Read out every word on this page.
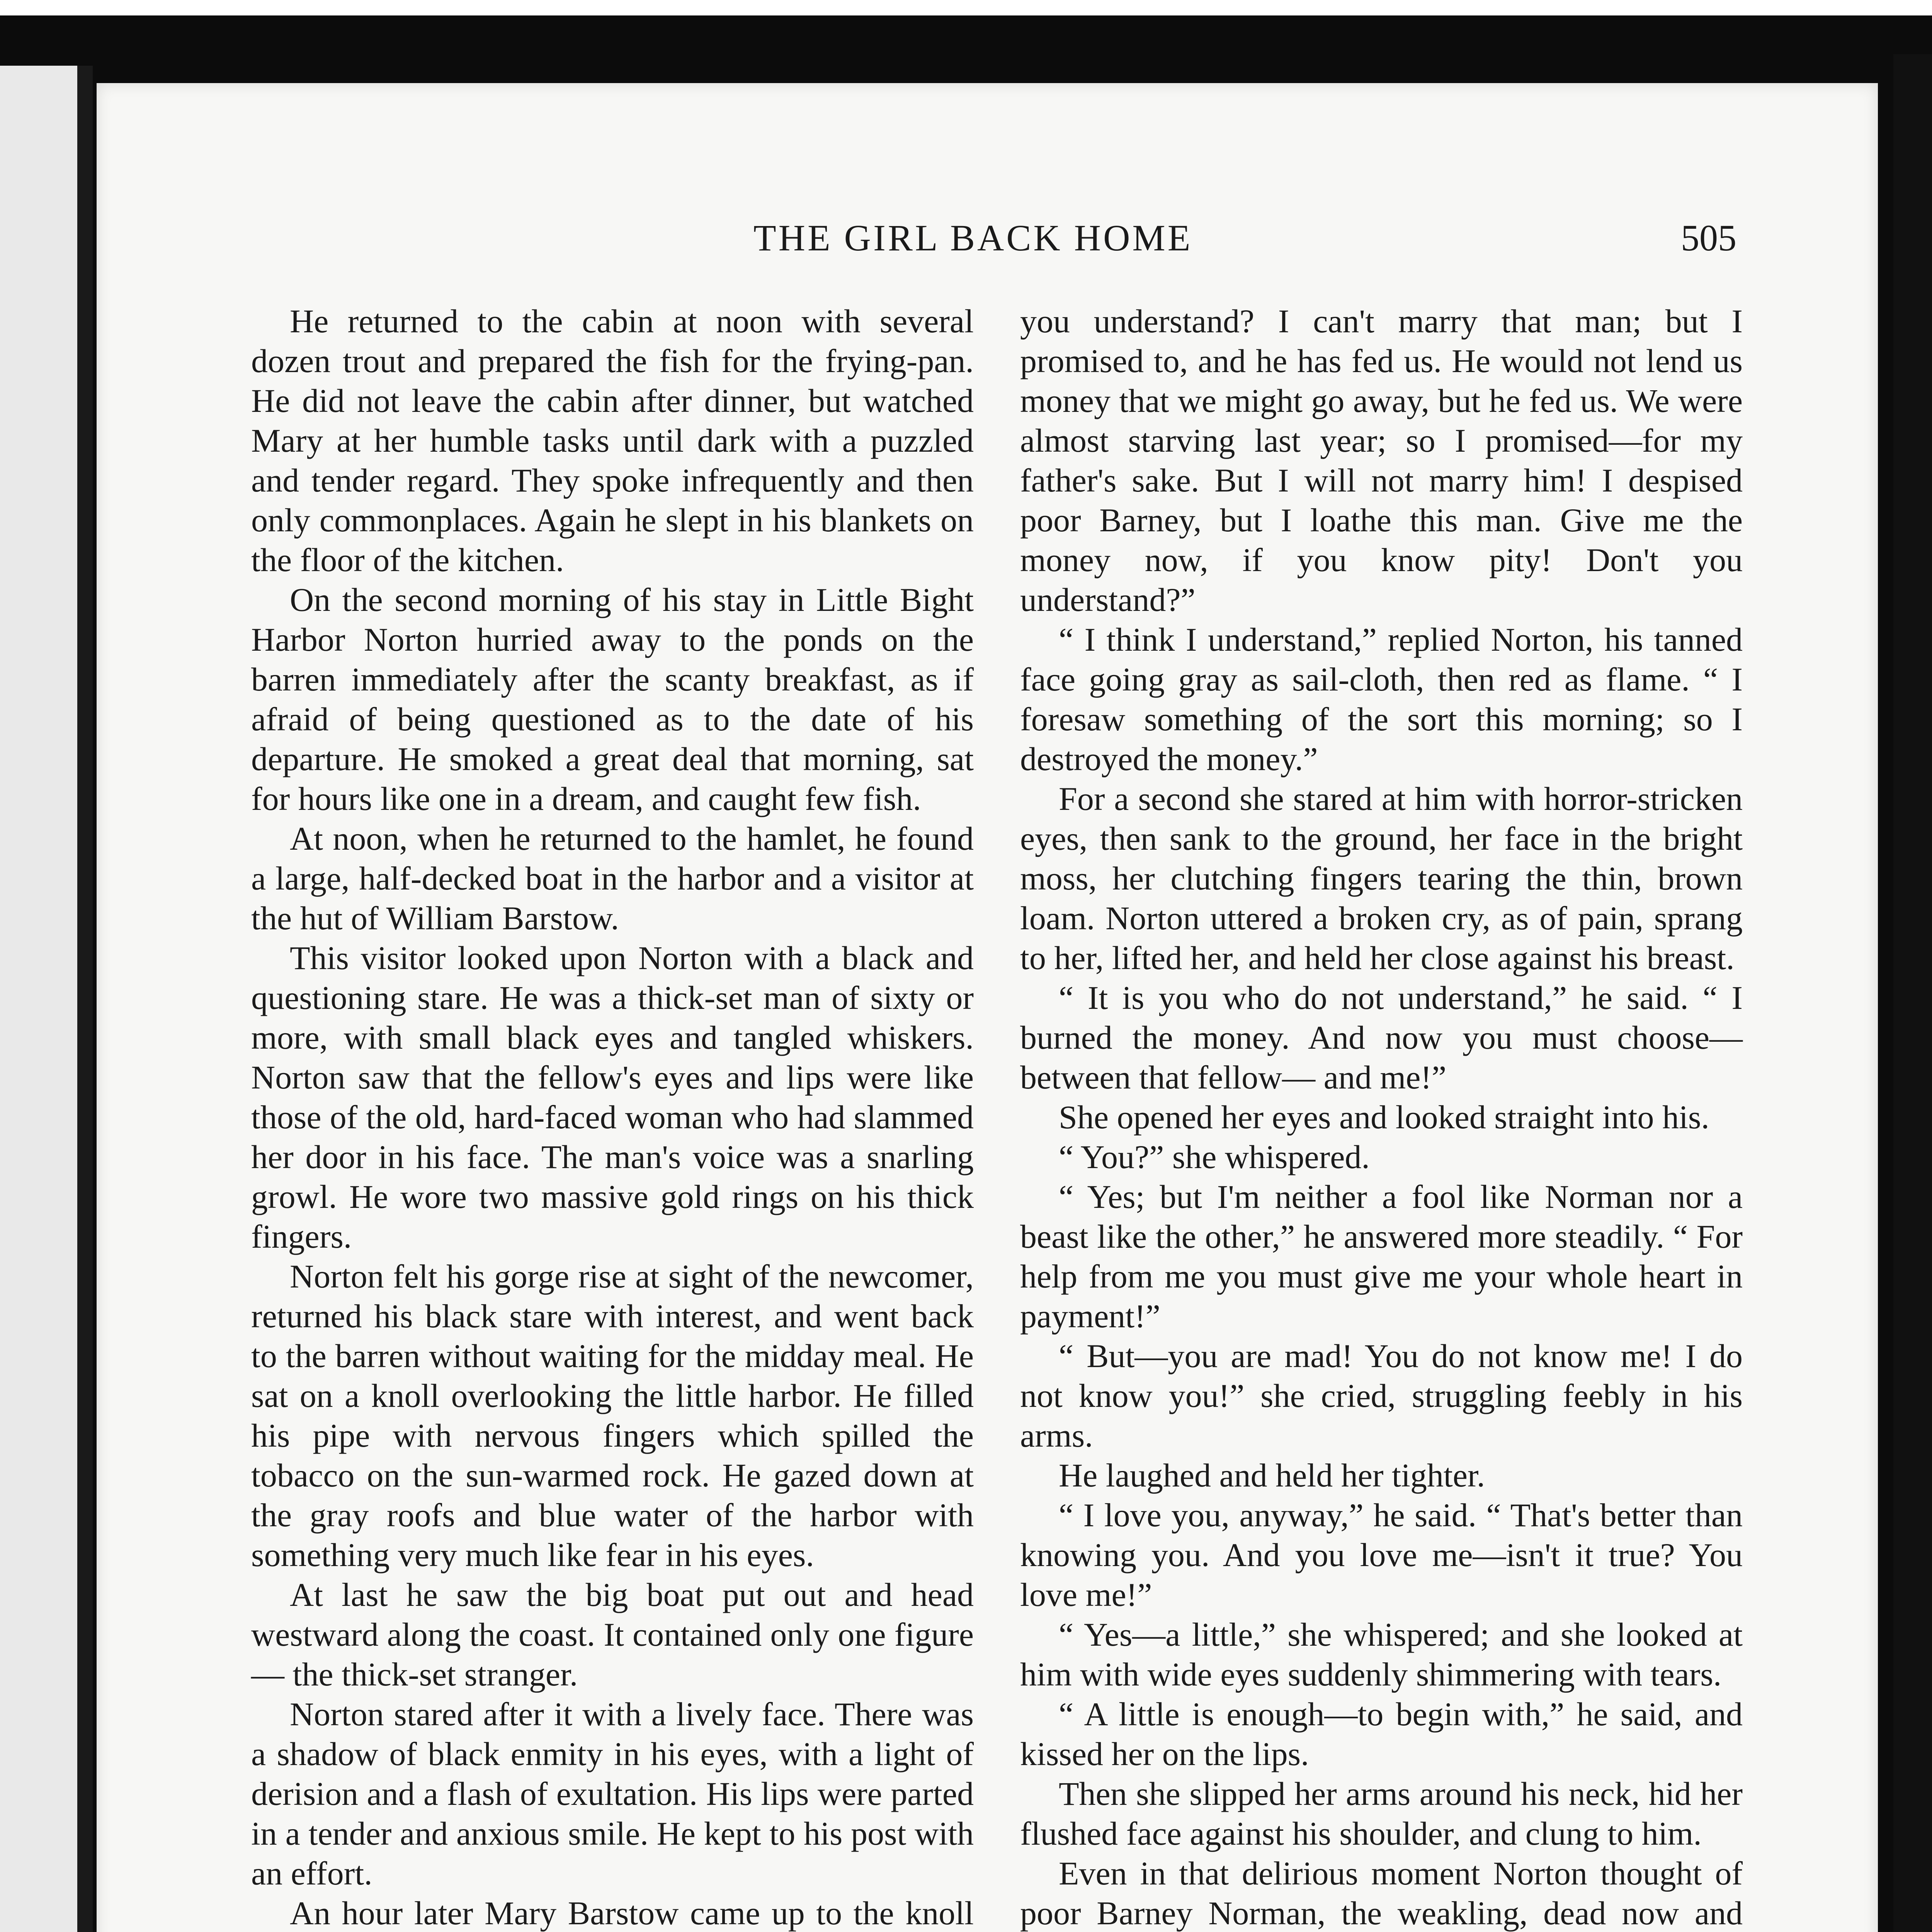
THE GIRL BACK HOME	505

He returned to the cabin at noon with several dozen trout and prepared the fish for the frying-pan. He did not leave the cabin after dinner, but watched Mary at her humble tasks until dark with a puzzled and tender regard. They spoke infrequently and then only commonplaces. Again he slept in his blankets on the floor of the kitchen.

On the second morning of his stay in Little Bight Harbor Norton hurried away to the ponds on the barren immediately after the scanty breakfast, as if afraid of being questioned as to the date of his departure. He smoked a great deal that morning, sat for hours like one in a dream, and caught few fish.

At noon, when he returned to the hamlet, he found a large, half-decked boat in the harbor and a visitor at the hut of William Barstow.

This visitor looked upon Norton with a black and questioning stare. He was a thick-set man of sixty or more, with small black eyes and tangled whiskers. Norton saw that the fellow's eyes and lips were like those of the old, hard-faced woman who had slammed her door in his face. The man's voice was a snarling growl. He wore two massive gold rings on his thick fingers.

Norton felt his gorge rise at sight of the newcomer, returned his black stare with interest, and went back to the barren without waiting for the midday meal. He sat on a knoll overlooking the little harbor. He filled his pipe with nervous fingers which spilled the tobacco on the sun-warmed rock. He gazed down at the gray roofs and blue water of the harbor with something very much like fear in his eyes.

At last he saw the big boat put out and head westward along the coast. It contained only one figure — the thick-set stranger.

Norton stared after it with a lively face. There was a shadow of black enmity in his eyes, with a light of derision and a flash of exultation. His lips were parted in a tender and anxious smile. He kept to his post with an effort.

An hour later Mary Barstow came up to the knoll

you understand? I can't marry that man; but I promised to, and he has fed us. He would not lend us money that we might go away, but he fed us. We were almost starving last year; so I promised—for my father's sake. But I will not marry him! I despised poor Barney, but I loathe this man. Give me the money now, if you know pity! Don't you understand?”

“ I think I understand,” replied Norton, his tanned face going gray as sail-cloth, then red as flame. “ I foresaw something of the sort this morning; so I destroyed the money.”

For a second she stared at him with horror-stricken eyes, then sank to the ground, her face in the bright moss, her clutching fingers tearing the thin, brown loam. Norton uttered a broken cry, as of pain, sprang to her, lifted her, and held her close against his breast.

“ It is you who do not understand,” he said. “ I burned the money. And now you must choose—between that fellow— and me!”

She opened her eyes and looked straight into his.

“ You?” she whispered.

“ Yes; but I'm neither a fool like Norman nor a beast like the other,” he answered more steadily. “ For help from me you must give me your whole heart in payment!”

“ But—you are mad! You do not know me! I do not know you!” she cried, struggling feebly in his arms.

He laughed and held her tighter.

“ I love you, anyway,” he said. “ That's better than knowing you. And you love me—isn't it true? You love me!”

“ Yes—a little,” she whispered; and she looked at him with wide eyes suddenly shimmering with tears.

“ A little is enough—to begin with,” he said, and kissed her on the lips.

Then she slipped her arms around his neck, hid her flushed face against his shoulder, and clung to him.

Even in that delirious moment Norton thought of poor Barney Norman, the weakling, dead now and
